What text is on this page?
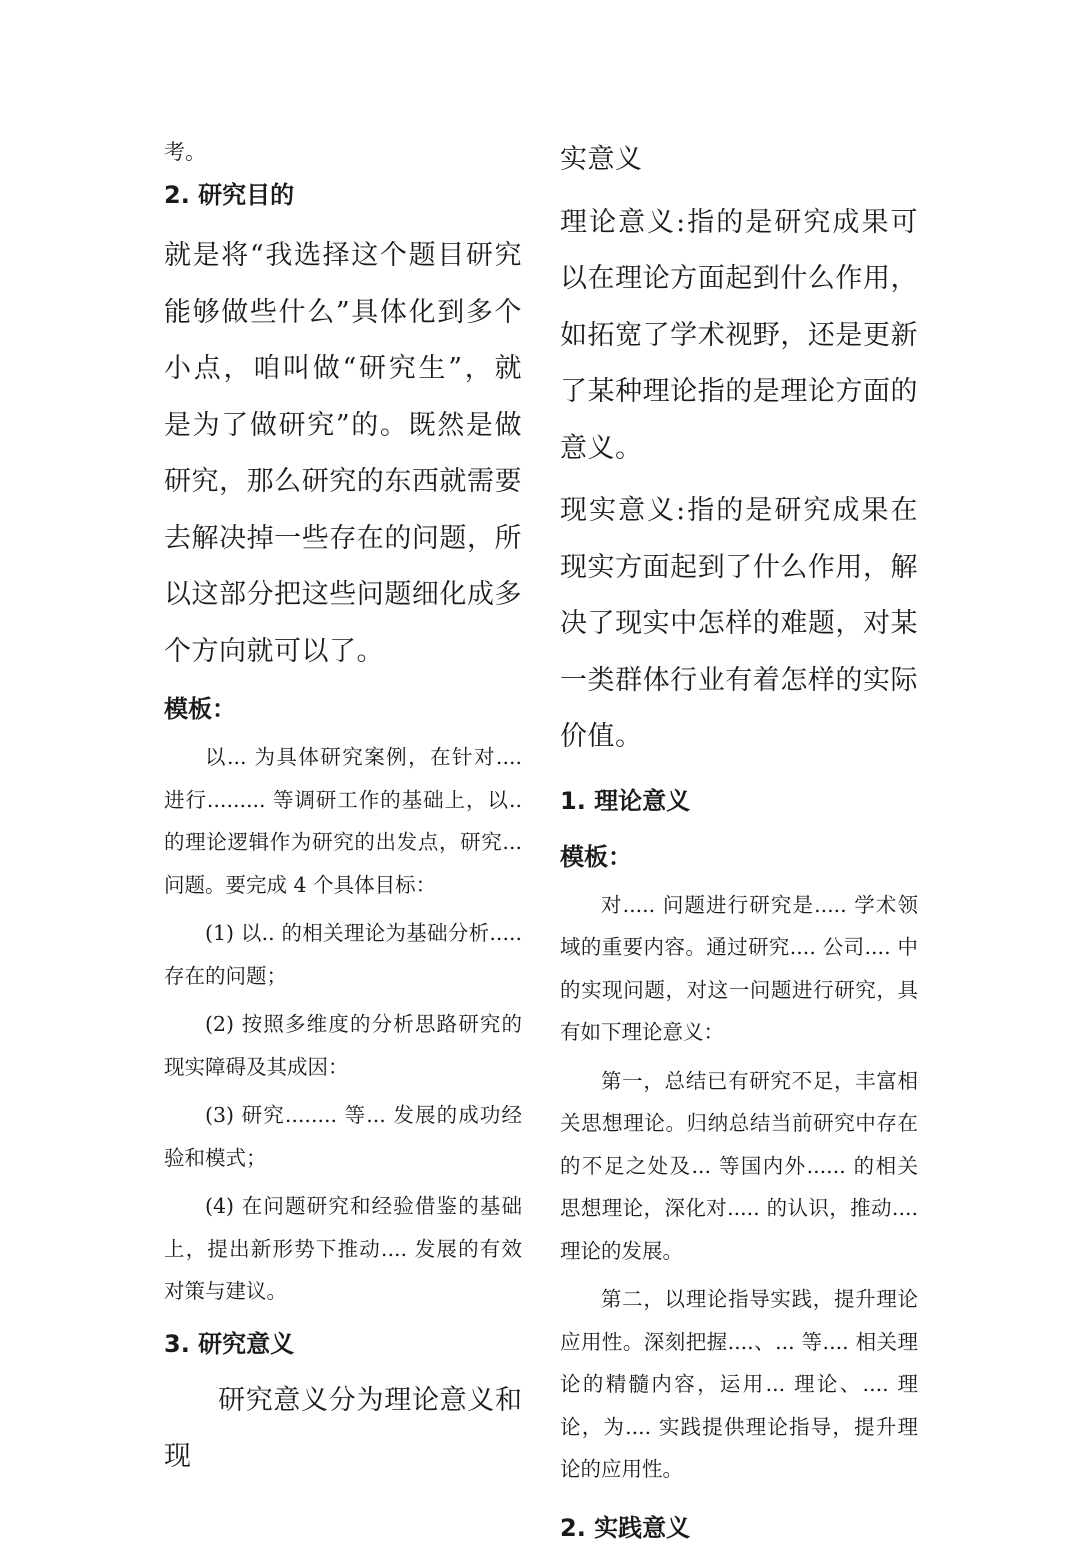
考。

2. 研究目的

就是将“我选择这个题目研究能够做些什么”具体化到多个小点，咱叫做“研究生”，就是为了做研究”的。既然是做研究，那么研究的东西就需要去解决掉一些存在的问题，所以这部分把这些问题细化成多个方向就可以了。

模板：

以... 为具体研究案例，在针对.... 进行......... 等调研工作的基础上，以.. 的理论逻辑作为研究的出发点，研究... 问题。要完成 4 个具体目标：

(1) 以.. 的相关理论为基础分析..... 存在的问题；

(2) 按照多维度的分析思路研究的现实障碍及其成因：

(3) 研究........ 等... 发展的成功经验和模式；

(4) 在问题研究和经验借鉴的基础上，提出新形势下推动.... 发展的有效对策与建议。

3. 研究意义

研究意义分为理论意义和现

实意义

理论意义:指的是研究成果可以在理论方面起到什么作用，如拓宽了学术视野，还是更新了某种理论指的是理论方面的意义。

现实意义:指的是研究成果在现实方面起到了什么作用，解决了现实中怎样的难题，对某一类群体行业有着怎样的实际价值。

1. 理论意义
模板：

对..... 问题进行研究是..... 学术领域的重要内容。通过研究.... 公司.... 中的实现问题，对这一问题进行研究，具有如下理论意义：

第一，总结已有研究不足，丰富相关思想理论。归纳总结当前研究中存在的不足之处及... 等国内外...... 的相关思想理论，深化对..... 的认识，推动.... 理论的发展。

第二，以理论指导实践，提升理论应用性。深刻把握....、... 等.... 相关理论的精髓内容，运用... 理论、.... 理论，为.... 实践提供理论指导，提升理论的应用性。

2. 实践意义
